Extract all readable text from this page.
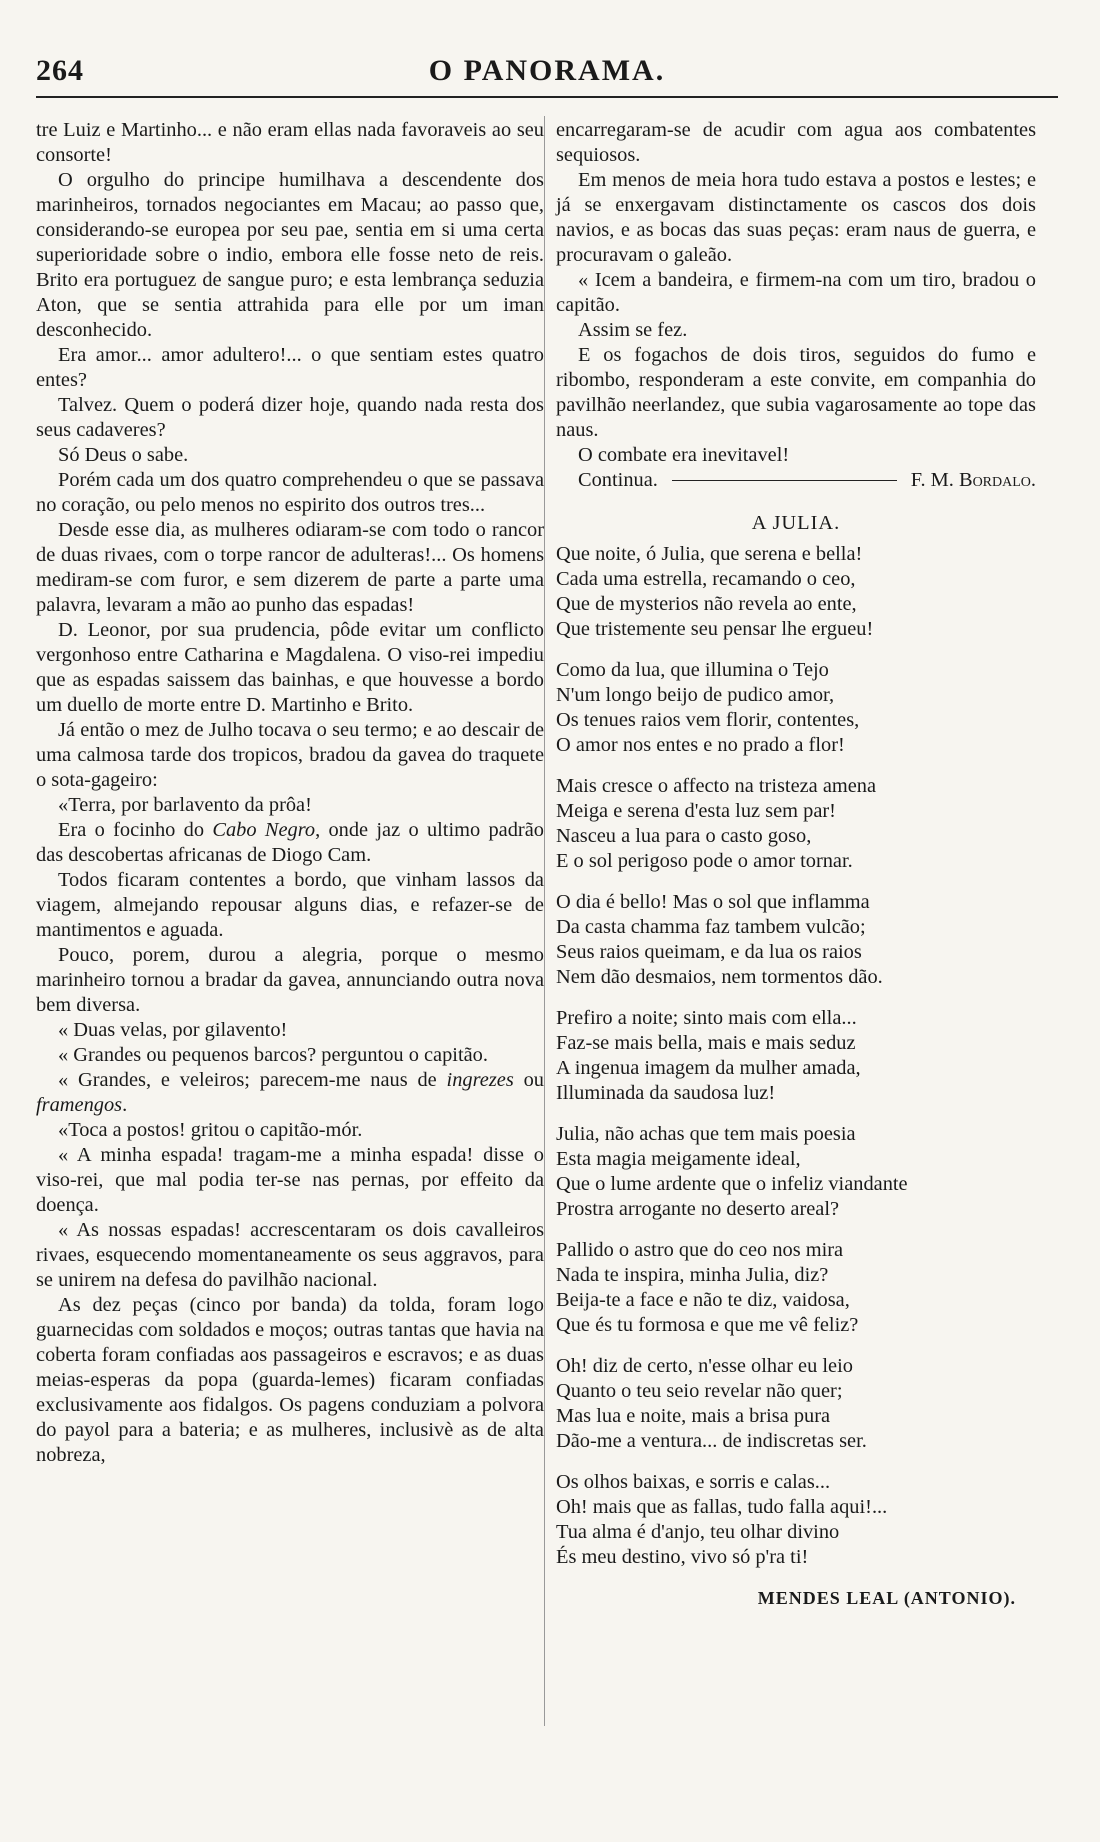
264	O PANORAMA.

tre Luiz e Martinho... e não eram ellas nada favoraveis ao seu consorte!

O orgulho do principe humilhava a descendente dos marinheiros, tornados negociantes em Macau; ao passo que, considerando-se europea por seu pae, sentia em si uma certa superioridade sobre o indio, embora elle fosse neto de reis. Brito era portuguez de sangue puro; e esta lembrança seduzia Aton, que se sentia attrahida para elle por um iman desconhecido.

Era amor... amor adultero!... o que sentiam estes quatro entes?

Talvez. Quem o poderá dizer hoje, quando nada resta dos seus cadaveres?

Só Deus o sabe.

Porém cada um dos quatro comprehendeu o que se passava no coração, ou pelo menos no espirito dos outros tres...

Desde esse dia, as mulheres odiaram-se com todo o rancor de duas rivaes, com o torpe rancor de adulteras!... Os homens mediram-se com furor, e sem dizerem de parte a parte uma palavra, levaram a mão ao punho das espadas!

D. Leonor, por sua prudencia, pôde evitar um conflicto vergonhoso entre Catharina e Magdalena. O viso-rei impediu que as espadas saissem das bainhas, e que houvesse a bordo um duello de morte entre D. Martinho e Brito.

Já então o mez de Julho tocava o seu termo; e ao descair de uma calmosa tarde dos tropicos, bradou da gavea do traquete o sota-gageiro:

«Terra, por barlavento da prôa!

Era o focinho do Cabo Negro, onde jaz o ultimo padrão das descobertas africanas de Diogo Cam.

Todos ficaram contentes a bordo, que vinham lassos da viagem, almejando repousar alguns dias, e refazer-se de mantimentos e aguada.

Pouco, porem, durou a alegria, porque o mesmo marinheiro tornou a bradar da gavea, annunciando outra nova bem diversa.

« Duas velas, por gilavento!

« Grandes ou pequenos barcos? perguntou o capitão.

« Grandes, e veleiros; parecem-me naus de ingrezes ou framengos.

«Toca a postos! gritou o capitão-mór.

« A minha espada! tragam-me a minha espada! disse o viso-rei, que mal podia ter-se nas pernas, por effeito da doença.

« As nossas espadas! accrescentaram os dois cavalleiros rivaes, esquecendo momentaneamente os seus aggravos, para se unirem na defesa do pavilhão nacional.

As dez peças (cinco por banda) da tolda, foram logo guarnecidas com soldados e moços; outras tantas que havia na coberta foram confiadas aos passageiros e escravos; e as duas meias-esperas da popa (guarda-lemes) ficaram confiadas exclusivamente aos fidalgos. Os pagens conduziam a polvora do payol para a bateria; e as mulheres, inclusivè as de alta nobreza,

encarregaram-se de acudir com agua aos combatentes sequiosos.

Em menos de meia hora tudo estava a postos e lestes; e já se enxergavam distinctamente os cascos dos dois navios, e as bocas das suas peças: eram naus de guerra, e procuravam o galeão.

« Icem a bandeira, e firmem-na com um tiro, bradou o capitão.

Assim se fez.

E os fogachos de dois tiros, seguidos do fumo e ribombo, responderam a este convite, em companhia do pavilhão neerlandez, que subia vagarosamente ao tope das naus.

O combate era inevitavel!

Continua.	F. M. Bordalo.
A JULIA.
Que noite, ó Julia, que serena e bella!
Cada uma estrella, recamando o ceo,
Que de mysterios não revela ao ente,
Que tristemente seu pensar lhe ergueu!
Como da lua, que illumina o Tejo
N'um longo beijo de pudico amor,
Os tenues raios vem florir, contentes,
O amor nos entes e no prado a flor!
Mais cresce o affecto na tristeza amena
Meiga e serena d'esta luz sem par!
Nasceu a lua para o casto goso,
E o sol perigoso pode o amor tornar.
O dia é bello! Mas o sol que inflamma
Da casta chamma faz tambem vulcão;
Seus raios queimam, e da lua os raios
Nem dão desmaios, nem tormentos dão.
Prefiro a noite; sinto mais com ella...
Faz-se mais bella, mais e mais seduz
A ingenua imagem da mulher amada,
Illuminada da saudosa luz!
Julia, não achas que tem mais poesia
Esta magia meigamente ideal,
Que o lume ardente que o infeliz viandante
Prostra arrogante no deserto areal?
Pallido o astro que do ceo nos mira
Nada te inspira, minha Julia, diz?
Beija-te a face e não te diz, vaidosa,
Que és tu formosa e que me vê feliz?
Oh! diz de certo, n'esse olhar eu leio
Quanto o teu seio revelar não quer;
Mas lua e noite, mais a brisa pura
Dão-me a ventura... de indiscretas ser.
Os olhos baixas, e sorris e calas...
Oh! mais que as fallas, tudo falla aqui!...
Tua alma é d'anjo, teu olhar divino
És meu destino, vivo só p'ra ti!
MENDES LEAL (ANTONIO).
